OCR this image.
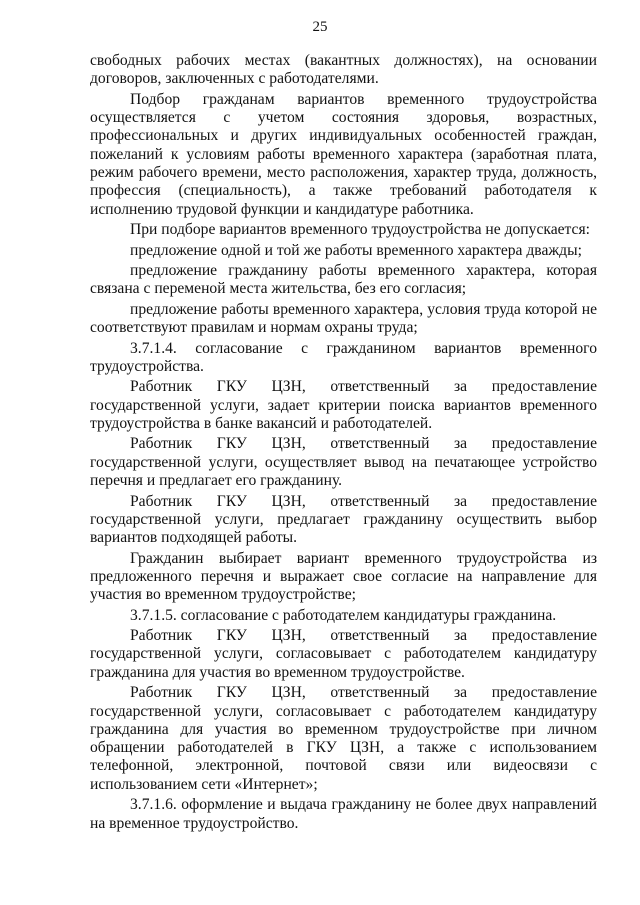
25

свободных рабочих местах (вакантных должностях), на основании договоров, заключенных с работодателями.

Подбор гражданам вариантов временного трудоустройства осуществляется с учетом состояния здоровья, возрастных, профессиональных и других индивидуальных особенностей граждан, пожеланий к условиям работы временного характера (заработная плата, режим рабочего времени, место расположения, характер труда, должность, профессия (специальность), а также требований работодателя к исполнению трудовой функции и кандидатуре работника.

При подборе вариантов временного трудоустройства не допускается:

предложение одной и той же работы временного характера дважды;

предложение гражданину работы временного характера, которая связана с переменой места жительства, без его согласия;

предложение работы временного характера, условия труда которой не соответствуют правилам и нормам охраны труда;

3.7.1.4. согласование с гражданином вариантов временного трудоустройства.

Работник ГКУ ЦЗН, ответственный за предоставление государственной услуги, задает критерии поиска вариантов временного трудоустройства в банке вакансий и работодателей.

Работник ГКУ ЦЗН, ответственный за предоставление государственной услуги, осуществляет вывод на печатающее устройство перечня и предлагает его гражданину.

Работник ГКУ ЦЗН, ответственный за предоставление государственной услуги, предлагает гражданину осуществить выбор вариантов подходящей работы.

Гражданин выбирает вариант временного трудоустройства из предложенного перечня и выражает свое согласие на направление для участия во временном трудоустройстве;

3.7.1.5. согласование с работодателем кандидатуры гражданина.

Работник ГКУ ЦЗН, ответственный за предоставление государственной услуги, согласовывает с работодателем кандидатуру гражданина для участия во временном трудоустройстве.

Работник ГКУ ЦЗН, ответственный за предоставление государственной услуги, согласовывает с работодателем кандидатуру гражданина для участия во временном трудоустройстве при личном обращении работодателей в ГКУ ЦЗН, а также с использованием телефонной, электронной, почтовой связи или видеосвязи с использованием сети «Интернет»;

3.7.1.6. оформление и выдача гражданину не более двух направлений на временное трудоустройство.
